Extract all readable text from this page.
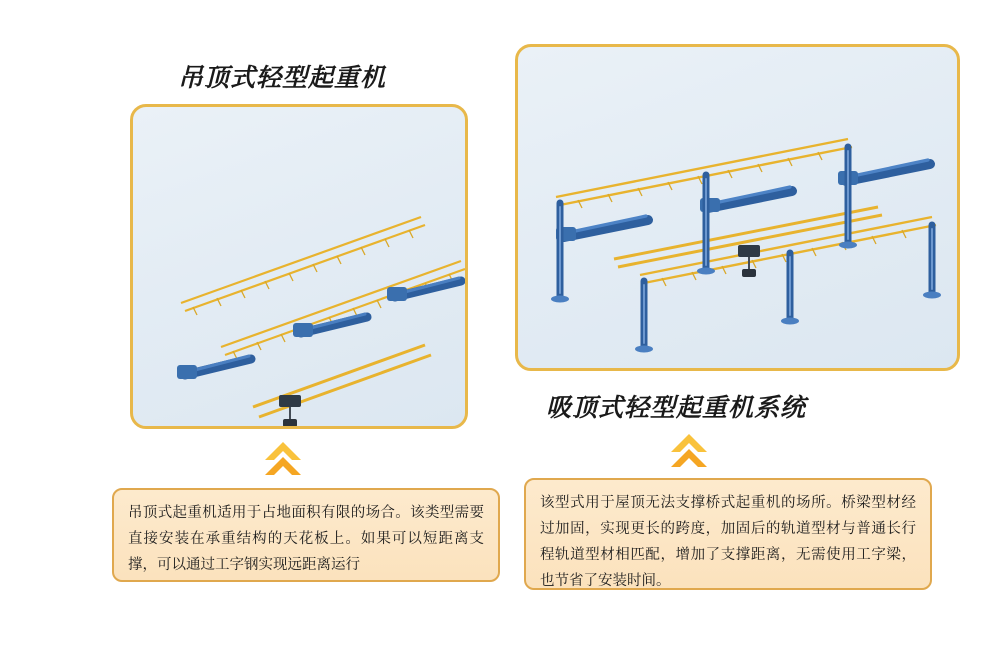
吊顶式轻型起重机
吊顶式起重机适用于占地面积有限的场合。该类型需要直接安装在承重结构的天花板上。如果可以短距离支撑，可以通过工字钢实现远距离运行
吸顶式轻型起重机系统
该型式用于屋顶无法支撑桥式起重机的场所。桥梁型材经过加固，实现更长的跨度，加固后的轨道型材与普通长行程轨道型材相匹配，增加了支撑距离，无需使用工字梁，也节省了安装时间。
